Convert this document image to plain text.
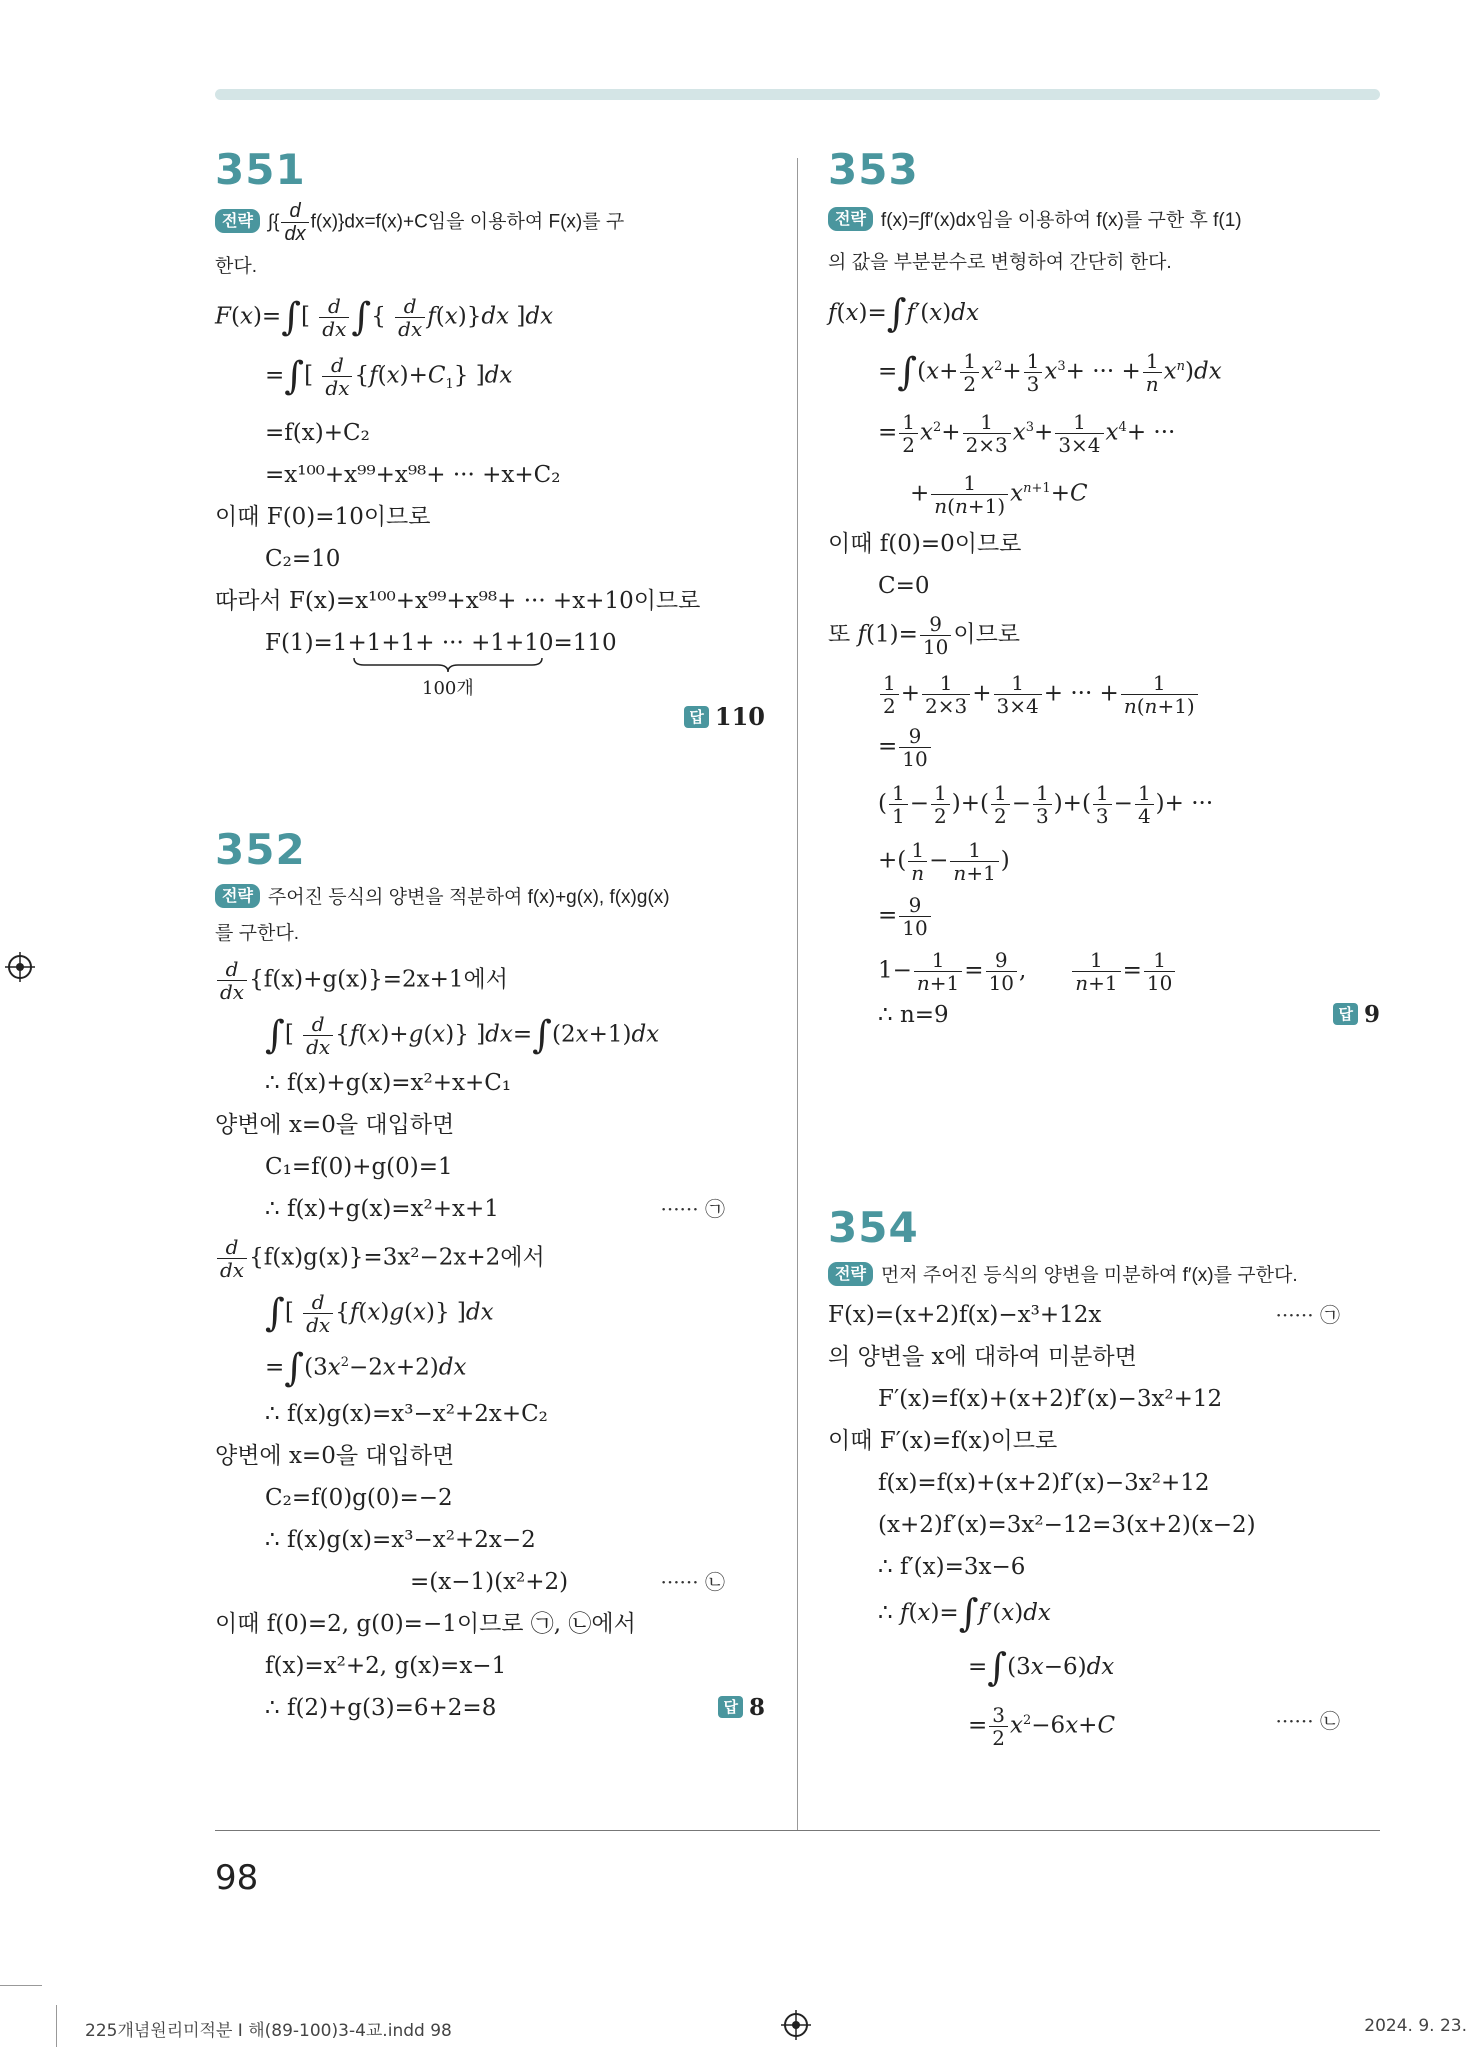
351
전략 ∫{ $\frac{d}{dx} f(x)\}dx=f(x)+C$임을 이용하여 F(x)를 구
한다.
$F(x)=\int[ \frac{d}{dx}$ ∫{ $\frac{d}{dx} f(x)\}dx$ ]dx
=∫[ $\frac{d}{dx} \{f(x)+C_1\}$ ]dx
=f(x)+C₂
=x¹⁰⁰+x⁹⁹+x⁹⁸+ ··· +x+C₂
이때 F(0)=10이므로
C₂=10
따라서 F(x)=x¹⁰⁰+x⁹⁹+x⁹⁸+ ··· +x+10이므로
F(1)=1+1+1+ ··· +1+10=110
100개
답 110
352
전략 주어진 등식의 양변을 적분하여 f(x)+g(x), f(x)g(x)
를 구한다.
$\frac{d}{dx} \{f(x)+g(x)\}=2x+1$에서
∫[ $\frac{d}{dx} \{f(x)+g(x)\}$ ]dx=∫(2x+1)dx
∴ f(x)+g(x)=x²+x+C₁
양변에 x=0을 대입하면
C₁=f(0)+g(0)=1
∴ f(x)+g(x)=x²+x+1	······ ㉠
$\frac{d}{dx} \{f(x)g(x)\}=3x^2-2x+2$에서
∫[ $\frac{d}{dx} \{f(x)g(x)\}$ ]dx
$=\int(3x^2-2x+2)dx$
∴ f(x)g(x)=x³−x²+2x+C₂
양변에 x=0을 대입하면
C₂=f(0)g(0)=−2
∴ f(x)g(x)=x³−x²+2x−2
=(x−1)(x²+2)	······ ㉡
이때 f(0)=2, g(0)=−1이므로 ㉠, ㉡에서
f(x)=x²+2, g(x)=x−1
∴ f(2)+g(3)=6+2=8	답 8
353
전략 f(x)=∫f′(x)dx임을 이용하여 f(x)를 구한 후 f(1)
의 값을 부분분수로 변형하여 간단히 한다.
f(x)=∫f′(x)dx
$=\int(x+ \frac{1}{2} x^2+ \frac{1}{3} x^3+$ ··· + $\frac{1}{n} x^n)dx$
= $\frac{1}{2} x^2+ \frac{1}{2\times 3} x^3+ \frac{1}{3\times 4} x^4+$ ···
+ $\frac{1}{n(n+1)} x^{n+1}+C$
이때 f(0)=0이므로
C=0
또 $f(1)= \frac{9}{10}$ 이므로
$\frac{1}{2} + \frac{1}{2\times 3} + \frac{1}{3\times 4}$ + ··· + $\frac{1}{n(n+1)}$
= $\frac{9}{10}$
( $\frac{1}{1} - \frac{1}{2}$ )+( $\frac{1}{2} - \frac{1}{3}$ )+( $\frac{1}{3} - \frac{1}{4}$ )+ ···
+( $\frac{1}{n} - \frac{1}{n+1}$ )
= $\frac{9}{10}$
$1- \frac{1}{n+1} = \frac{9}{10}$ , $\frac{1}{n+1} = \frac{1}{10}$
∴ n=9	답 9
354
전략 먼저 주어진 등식의 양변을 미분하여 f′(x)를 구한다.
F(x)=(x+2)f(x)−x³+12x	······ ㉠
의 양변을 x에 대하여 미분하면
F′(x)=f(x)+(x+2)f′(x)−3x²+12
이때 F′(x)=f(x)이므로
f(x)=f(x)+(x+2)f′(x)−3x²+12
(x+2)f′(x)=3x²−12=3(x+2)(x−2)
∴ f′(x)=3x−6
∴ f(x)=∫f′(x)dx
=∫(3x−6)dx
= $\frac{3}{2} x^2-6x+C$	······ ㉡
98
225개념원리미적분 Ⅰ 해(89-100)3-4교.indd 98	2024. 9. 23.
